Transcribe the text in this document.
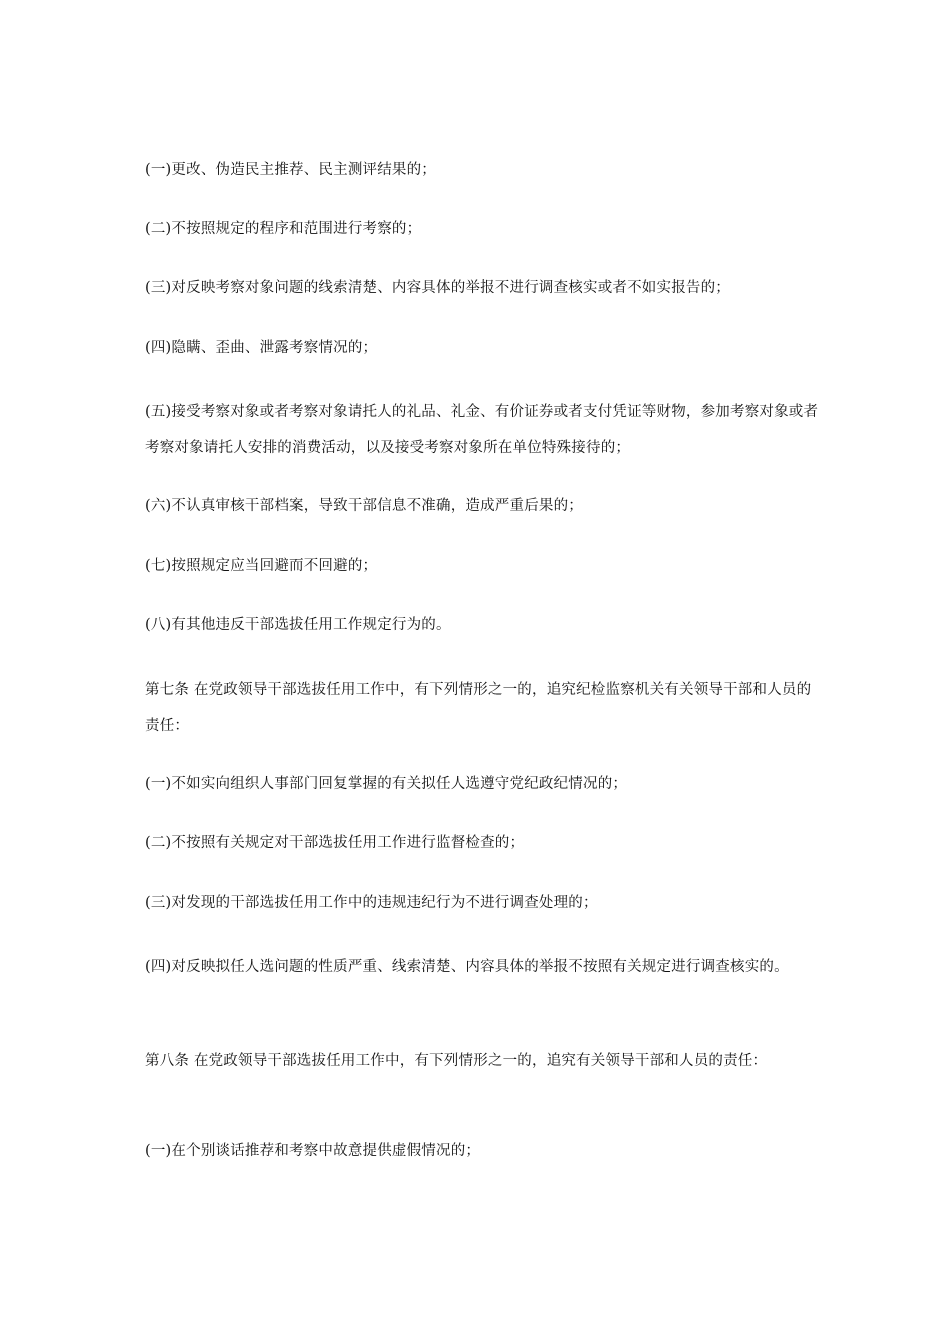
(一)更改、伪造民主推荐、民主测评结果的；

(二)不按照规定的程序和范围进行考察的；

(三)对反映考察对象问题的线索清楚、内容具体的举报不进行调查核实或者不如实报告的；

(四)隐瞒、歪曲、泄露考察情况的；

(五)接受考察对象或者考察对象请托人的礼品、礼金、有价证券或者支付凭证等财物，参加考察对象或者考察对象请托人安排的消费活动，以及接受考察对象所在单位特殊接待的；

(六)不认真审核干部档案，导致干部信息不准确，造成严重后果的；

(七)按照规定应当回避而不回避的；

(八)有其他违反干部选拔任用工作规定行为的。

第七条 在党政领导干部选拔任用工作中，有下列情形之一的，追究纪检监察机关有关领导干部和人员的责任：

(一)不如实向组织人事部门回复掌握的有关拟任人选遵守党纪政纪情况的；

(二)不按照有关规定对干部选拔任用工作进行监督检查的；

(三)对发现的干部选拔任用工作中的违规违纪行为不进行调查处理的；

(四)对反映拟任人选问题的性质严重、线索清楚、内容具体的举报不按照有关规定进行调查核实的。

第八条 在党政领导干部选拔任用工作中，有下列情形之一的，追究有关领导干部和人员的责任：

(一)在个别谈话推荐和考察中故意提供虚假情况的；
